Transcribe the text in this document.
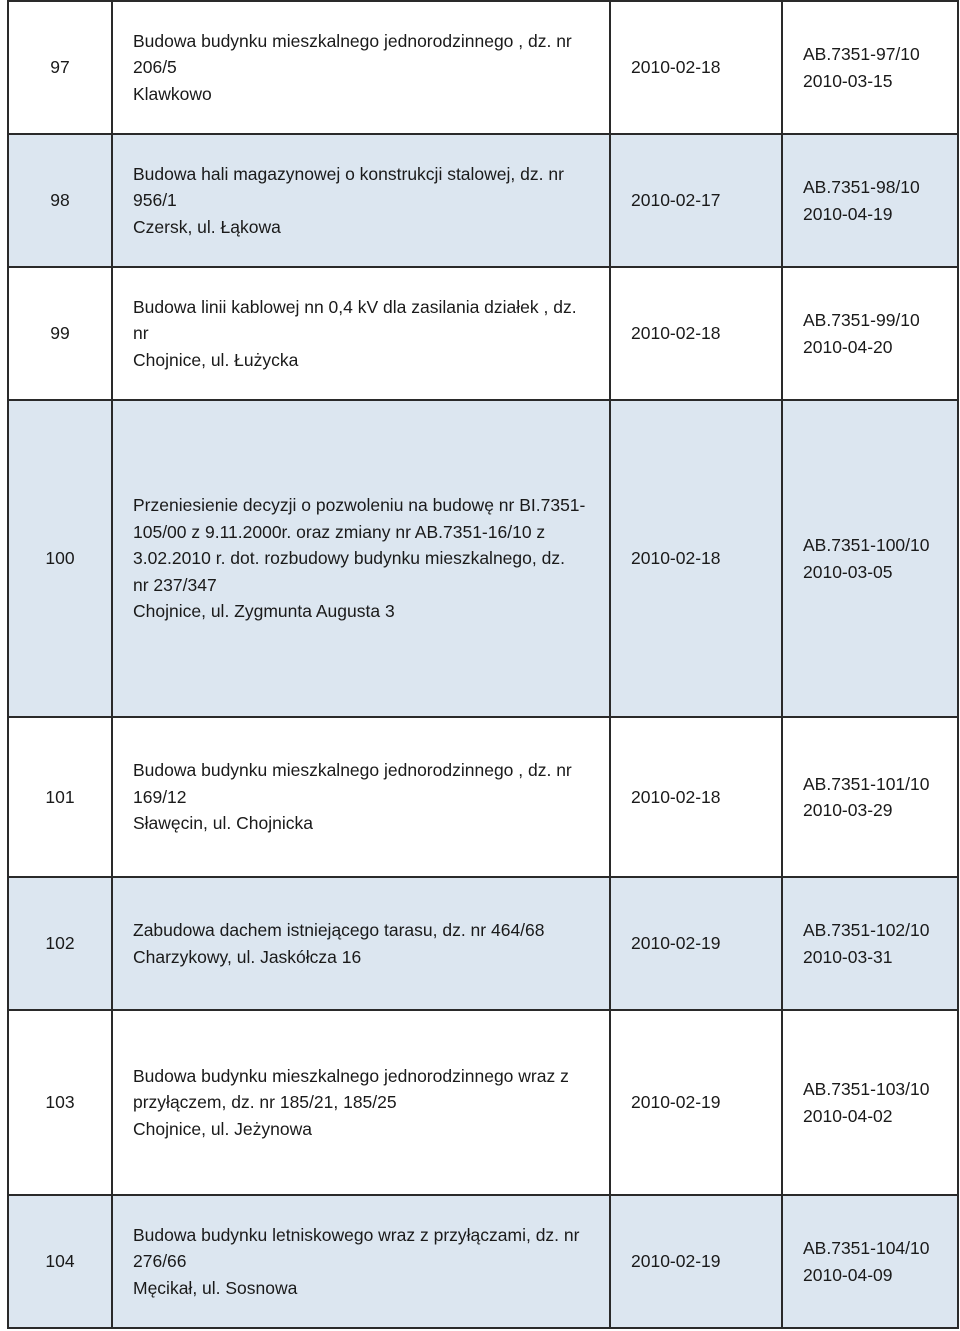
97	Budowa budynku mieszkalnego jednorodzinnego , dz. nr
206/5
Klawkowo	2010-02-18	AB.7351-97/10
2010-03-15

98	Budowa hali magazynowej o konstrukcji stalowej, dz. nr
956/1
Czersk, ul. Łąkowa	2010-02-17	AB.7351-98/10
2010-04-19

99	Budowa linii kablowej nn 0,4 kV dla zasilania działek , dz.
nr
Chojnice, ul. Łużycka	2010-02-18	AB.7351-99/10
2010-04-20

100	Przeniesienie decyzji o pozwoleniu na budowę nr BI.7351-
105/00 z 9.11.2000r. oraz zmiany nr AB.7351-16/10 z
3.02.2010 r. dot. rozbudowy budynku mieszkalnego, dz.
nr 237/347
Chojnice, ul. Zygmunta Augusta 3	2010-02-18	AB.7351-100/10
2010-03-05

101	Budowa budynku mieszkalnego jednorodzinnego , dz. nr
169/12
Sławęcin, ul. Chojnicka	2010-02-18	AB.7351-101/10
2010-03-29

102	Zabudowa dachem istniejącego tarasu, dz. nr 464/68
Charzykowy, ul. Jaskółcza 16	2010-02-19	AB.7351-102/10
2010-03-31

103	Budowa budynku mieszkalnego jednorodzinnego wraz z
przyłączem, dz. nr 185/21, 185/25
Chojnice, ul. Jeżynowa	2010-02-19	AB.7351-103/10
2010-04-02

104	Budowa budynku letniskowego wraz z przyłączami, dz. nr
276/66
Męcikał, ul. Sosnowa	2010-02-19	AB.7351-104/10
2010-04-09
